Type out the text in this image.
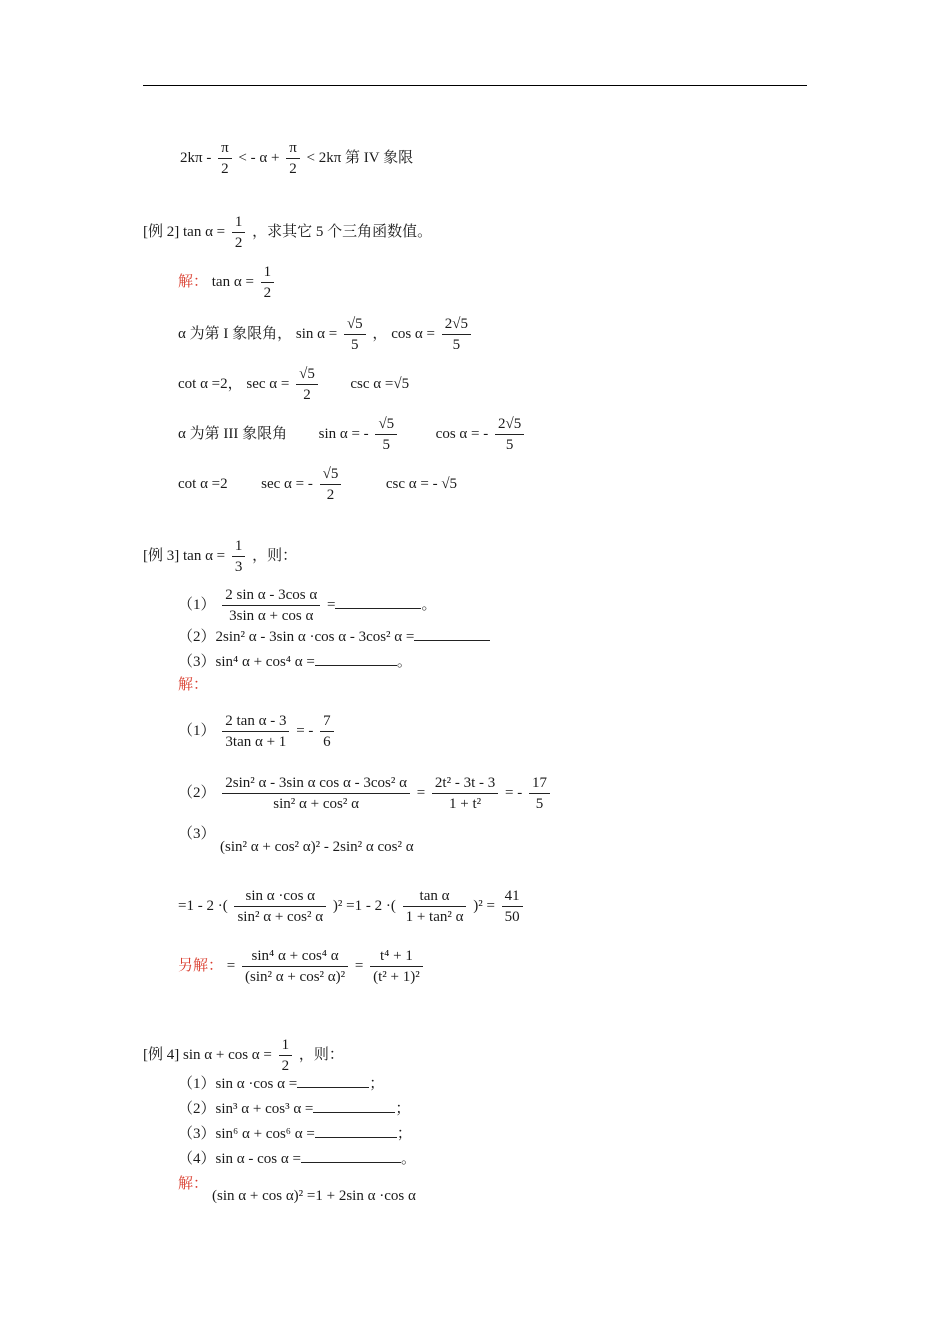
$2k\pi - \frac{\pi}{2}$ < - $\alpha + \frac{\pi}{2} < 2k\pi$ 第 IV 象限
[例 2] $\tan \alpha = \frac{1}{2}$ ，求其它 5 个三角函数值。
解： $\tan \alpha = \frac{1}{2}$
α 为第 I 象限角， $\sin \alpha = \frac{√5}{5}$ ， $\cos \alpha = \frac{2√5}{5}$
cot α =2， $\sec \alpha = \frac{√5}{2}$ csc α =√5
α 为第 III 象限角 sin α = - $\frac{√5}{5}$	cos α = - $\frac{2√5}{5}$
cot α =2 sec α = - $\frac{√5}{2}$	csc α = - √5
[例 3] $\tan \alpha = \frac{1}{3}$ ，则：
$(1) \frac{\text{2 sin α - 3cos α}}{\text{3sin α + cos α}}$ =	。
（2）2sin² α - 3sin α ·cos α - 3cos² α =
（3）sin⁴ α + cos⁴ α =	。
解：
$(1) \frac{\text{2 tan α - 3}}{\text{3tan α + 1}}$ = - $\frac{7}{6}$
$(2) \frac{\text{2sin² α - 3sin α cos α - 3cos² α}}{\text{sin² α + cos² α}} = \frac{\text{2t² - 3t - 3}}{\text{1 + t²}}$ = - $\frac{17}{5}$
（3）
(sin² α + cos² α)² - 2sin² α cos² α
=1 - 2 ·( $\frac{\text{sin α ·cos α}}{\text{sin² α + cos² α}} )^2 =1 - 2$ ·( $\frac{\text{tan α}}{\text{1 + tan² α}} )^2 = \frac{41}{50}$
另解： = $\frac{\text{sin⁴ α + cos⁴ α}}{\text{(sin² α + cos² α)²}} = \frac{\text{t⁴ + 1}}{\text{(t² + 1)²}}$
[例 4] $\sin \alpha + \cos \alpha = \frac{1}{2}$ ，则：
（1）sin α ·cos α =	；
（2）sin³ α + cos³ α =	；
（3）sin⁶ α + cos⁶ α =	；
（4）sin α - cos α =	。
解：
(sin α + cos α)² =1 + 2sin α ·cos α
